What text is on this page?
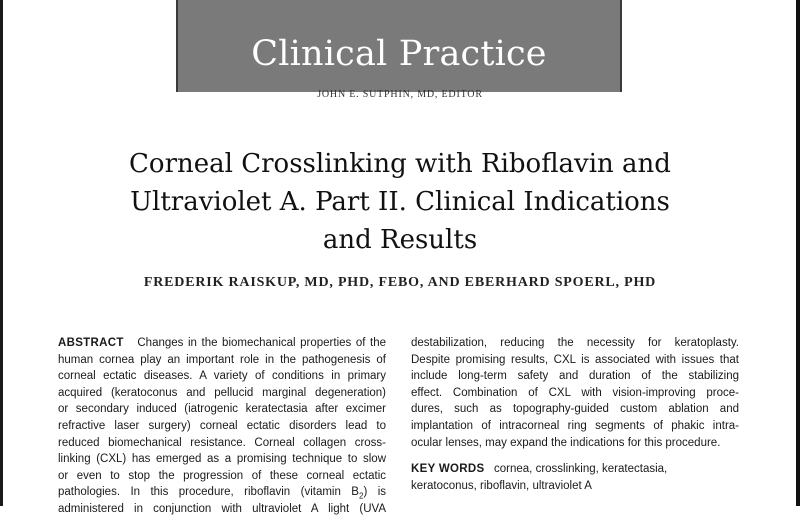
Clinical Practice
JOHN E. SUTPHIN, MD, EDITOR
Corneal Crosslinking with Riboflavin and
Ultraviolet A. Part II. Clinical Indications
and Results
FREDERIK RAISKUP, MD, PHD, FEBO, AND EBERHARD SPOERL, PHD
ABSTRACT Changes in the biomechanical properties of the
human cornea play an important role in the pathogenesis of
corneal ectatic diseases. A variety of conditions in primary
acquired (keratoconus and pellucid marginal degeneration)
or secondary induced (iatrogenic keratectasia after excimer
refractive laser surgery) corneal ectatic disorders lead to
reduced biomechanical resistance. Corneal collagen cross-
linking (CXL) has emerged as a promising technique to slow
or even to stop the progression of these corneal ectatic
pathologies. In this procedure, riboflavin (vitamin $B_2$) is
administered in conjunction with ultraviolet A light (UVA
destabilization, reducing the necessity for keratoplasty.
Despite promising results, CXL is associated with issues that
include long-term safety and duration of the stabilizing
effect. Combination of CXL with vision-improving proce-
dures, such as topography-guided custom ablation and
implantation of intracorneal ring segments of phakic intra-
ocular lenses, may expand the indications for this procedure.
KEY WORDS cornea, crosslinking, keratectasia,
keratoconus, riboflavin, ultraviolet A
